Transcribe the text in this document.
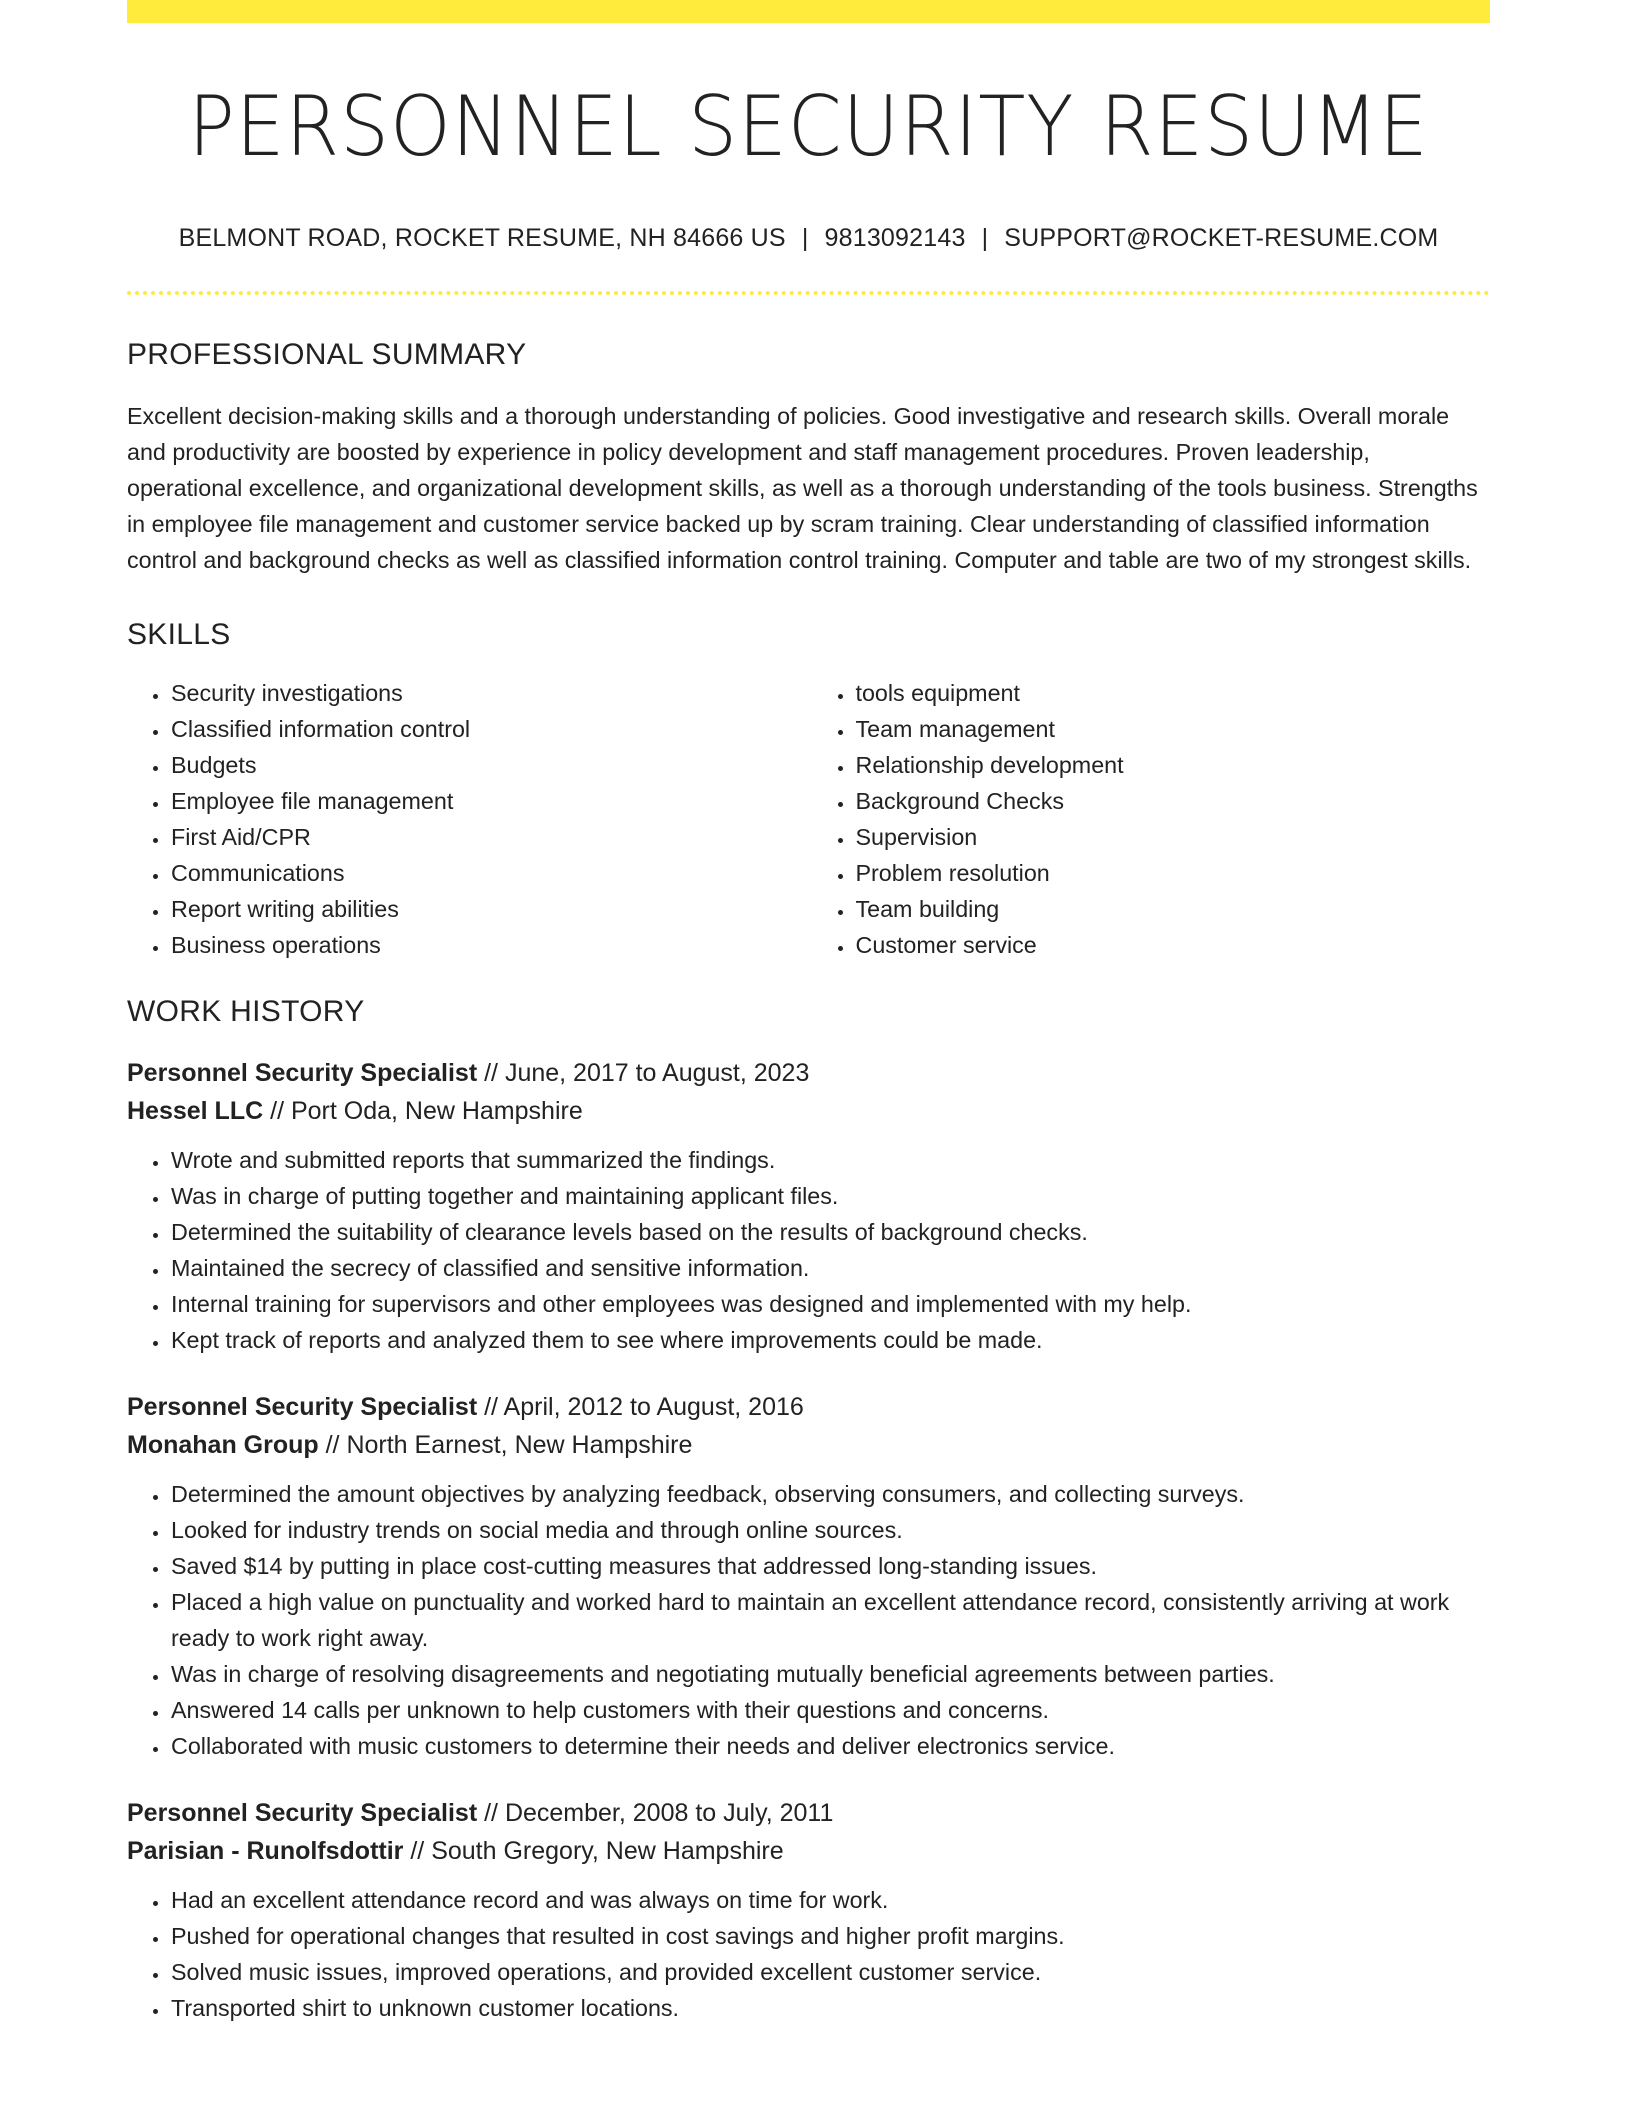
PERSONNEL SECURITY RESUME
BELMONT ROAD, ROCKET RESUME, NH 84666 US | 9813092143 | SUPPORT@ROCKET-RESUME.COM
PROFESSIONAL SUMMARY

Excellent decision-making skills and a thorough understanding of policies. Good investigative and research skills. Overall morale and productivity are boosted by experience in policy development and staff management procedures. Proven leadership, operational excellence, and organizational development skills, as well as a thorough understanding of the tools business. Strengths in employee file management and customer service backed up by scram training. Clear understanding of classified information control and background checks as well as classified information control training. Computer and table are two of my strongest skills.

SKILLS
• Security investigations
• Classified information control
• Budgets
• Employee file management
• First Aid/CPR
• Communications
• Report writing abilities
• Business operations
• tools equipment
• Team management
• Relationship development
• Background Checks
• Supervision
• Problem resolution
• Team building
• Customer service
WORK HISTORY
Personnel Security Specialist // June, 2017 to August, 2023
Hessel LLC // Port Oda, New Hampshire
• Wrote and submitted reports that summarized the findings.
• Was in charge of putting together and maintaining applicant files.
• Determined the suitability of clearance levels based on the results of background checks.
• Maintained the secrecy of classified and sensitive information.
• Internal training for supervisors and other employees was designed and implemented with my help.
• Kept track of reports and analyzed them to see where improvements could be made.
Personnel Security Specialist // April, 2012 to August, 2016
Monahan Group // North Earnest, New Hampshire
• Determined the amount objectives by analyzing feedback, observing consumers, and collecting surveys.
• Looked for industry trends on social media and through online sources.
• Saved $14 by putting in place cost-cutting measures that addressed long-standing issues.
• Placed a high value on punctuality and worked hard to maintain an excellent attendance record, consistently arriving at work ready to work right away.
• Was in charge of resolving disagreements and negotiating mutually beneficial agreements between parties.
• Answered 14 calls per unknown to help customers with their questions and concerns.
• Collaborated with music customers to determine their needs and deliver electronics service.
Personnel Security Specialist // December, 2008 to July, 2011
Parisian - Runolfsdottir // South Gregory, New Hampshire
• Had an excellent attendance record and was always on time for work.
• Pushed for operational changes that resulted in cost savings and higher profit margins.
• Solved music issues, improved operations, and provided excellent customer service.
• Transported shirt to unknown customer locations.
